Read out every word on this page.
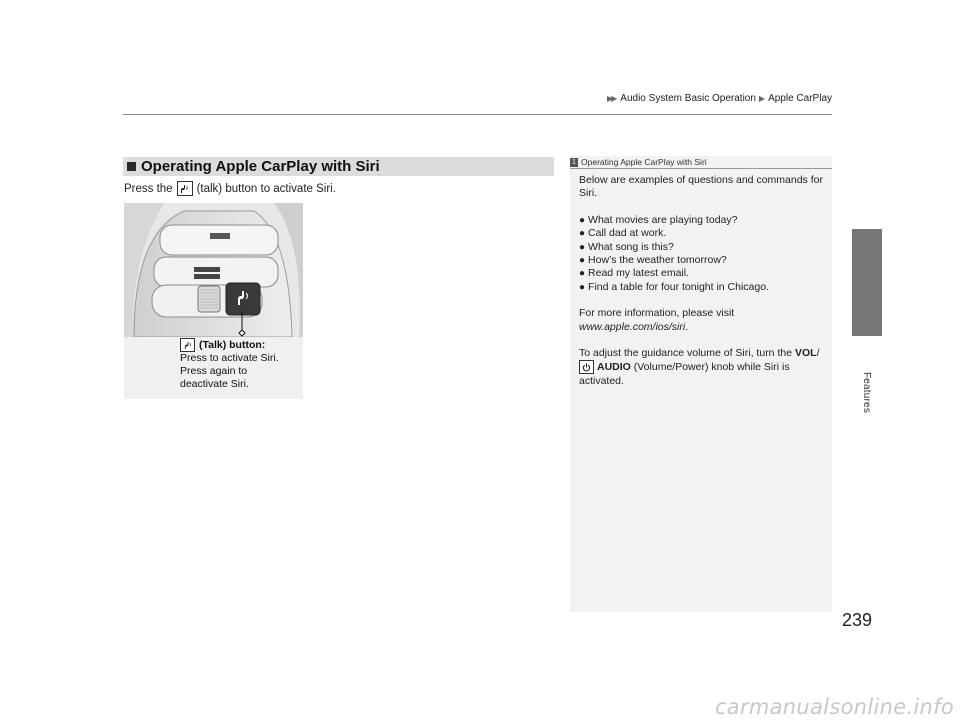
▶▶ Audio System Basic Operation ▶ Apple CarPlay
Features
Operating Apple CarPlay with Siri
Press the (talk) button to activate Siri.
(Talk) button:
Press to activate Siri.
Press again to
deactivate Siri.
1 Operating Apple CarPlay with Siri

Below are examples of questions and commands for Siri.

● What movies are playing today?
● Call dad at work.
● What song is this?
● How’s the weather tomorrow?
● Read my latest email.
● Find a table for four tonight in Chicago.

For more information, please visit

www.apple.com/ios/siri.

To adjust the guidance volume of Siri, turn the VOL/

AUDIO (Volume/Power) knob while Siri is activated.

239
carmanualsonline.info
